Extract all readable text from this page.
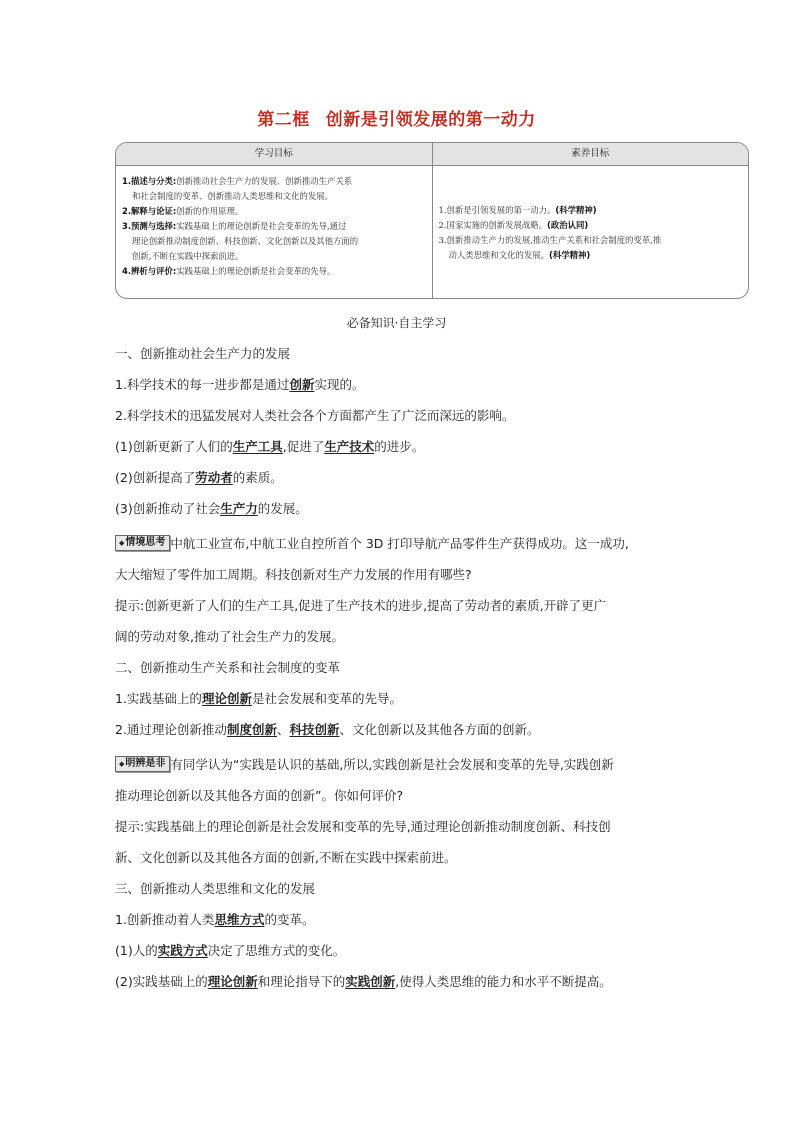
第二框 创新是引领发展的第一动力
学习目标	素养目标
1.描述与分类:创新推动社会生产力的发展、创新推动生产关系
和社会制度的变革、创新推动人类思维和文化的发展。
2.解释与论证:创新的作用原理。
3.预测与选择:实践基础上的理论创新是社会变革的先导,通过
理论创新推动制度创新、科技创新、文化创新以及其他方面的
创新,不断在实践中探索前进。
4.辨析与评价:实践基础上的理论创新是社会变革的先导。
1.创新是引领发展的第一动力。(科学精神)
2.国家实施的创新发展战略。(政治认同)
3.创新推动生产力的发展,推动生产关系和社会制度的变革,推
动人类思维和文化的发展。(科学精神)
必备知识·自主学习
一、创新推动社会生产力的发展
1.科学技术的每一进步都是通过创新实现的。
2.科学技术的迅猛发展对人类社会各个方面都产生了广泛而深远的影响。
(1)创新更新了人们的生产工具,促进了生产技术的进步。
(2)创新提高了劳动者的素质。
(3)创新推动了社会生产力的发展。
◆情境思考 中航工业宣布,中航工业自控所首个 3D 打印导航产品零件生产获得成功。这一成功,
大大缩短了零件加工周期。科技创新对生产力发展的作用有哪些?
提示:创新更新了人们的生产工具,促进了生产技术的进步,提高了劳动者的素质,开辟了更广
阔的劳动对象,推动了社会生产力的发展。
二、创新推动生产关系和社会制度的变革
1.实践基础上的理论创新是社会发展和变革的先导。
2.通过理论创新推动制度创新、科技创新、文化创新以及其他各方面的创新。
◆明辨是非 有同学认为“实践是认识的基础,所以,实践创新是社会发展和变革的先导,实践创新
推动理论创新以及其他各方面的创新”。你如何评价?
提示:实践基础上的理论创新是社会发展和变革的先导,通过理论创新推动制度创新、科技创
新、文化创新以及其他各方面的创新,不断在实践中探索前进。
三、创新推动人类思维和文化的发展
1.创新推动着人类思维方式的变革。
(1)人的实践方式决定了思维方式的变化。
(2)实践基础上的理论创新和理论指导下的实践创新,使得人类思维的能力和水平不断提高。
